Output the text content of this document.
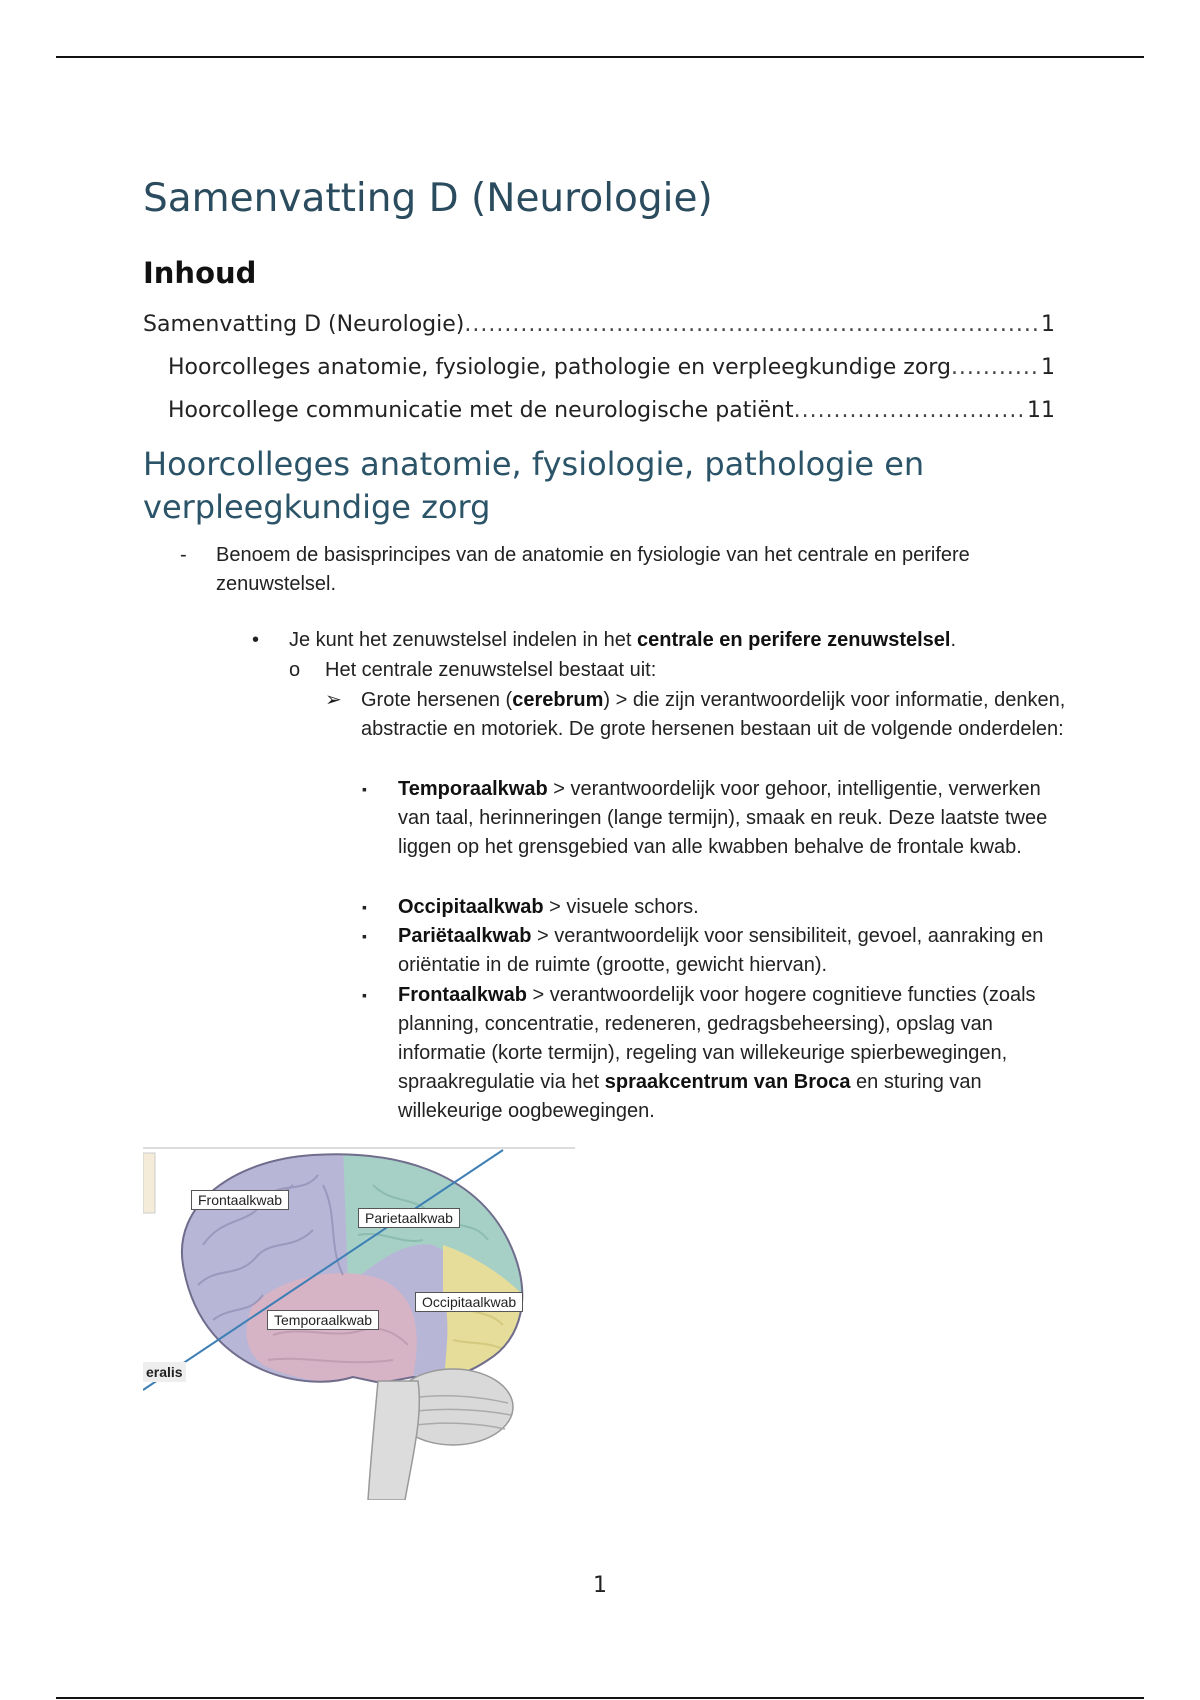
Samenvatting D (Neurologie)
Inhoud
Samenvatting D (Neurologie) .....	1
Hoorcolleges anatomie, fysiologie, pathologie en verpleegkundige zorg .....	1
Hoorcollege communicatie met de neurologische patiënt .....	11
Hoorcolleges anatomie, fysiologie, pathologie en verpleegkundige zorg
- Benoem de basisprincipes van de anatomie en fysiologie van het centrale en perifere zenuwstelsel.
• Je kunt het zenuwstelsel indelen in het centrale en perifere zenuwstelsel.
o Het centrale zenuwstelsel bestaat uit:
➢ Grote hersenen (cerebrum) > die zijn verantwoordelijk voor informatie, denken, abstractie en motoriek. De grote hersenen bestaan uit de volgende onderdelen:
▪ Temporaalkwab > verantwoordelijk voor gehoor, intelligentie, verwerken van taal, herinneringen (lange termijn), smaak en reuk. Deze laatste twee liggen op het grensgebied van alle kwabben behalve de frontale kwab.
▪ Occipitaalkwab > visuele schors.
▪ Pariëtaalkwab > verantwoordelijk voor sensibiliteit, gevoel, aanraking en oriëntatie in de ruimte (grootte, gewicht hiervan).
▪ Frontaalkwab > verantwoordelijk voor hogere cognitieve functies (zoals planning, concentratie, redeneren, gedragsbeheersing), opslag van informatie (korte termijn), regeling van willekeurige spierbewegingen, spraakregulatie via het spraakcentrum van Broca en sturing van willekeurige oogbewegingen.
Frontaalkwab
Parietaalkwab
Occipitaalkwab
Temporaalkwab
eralis
1
